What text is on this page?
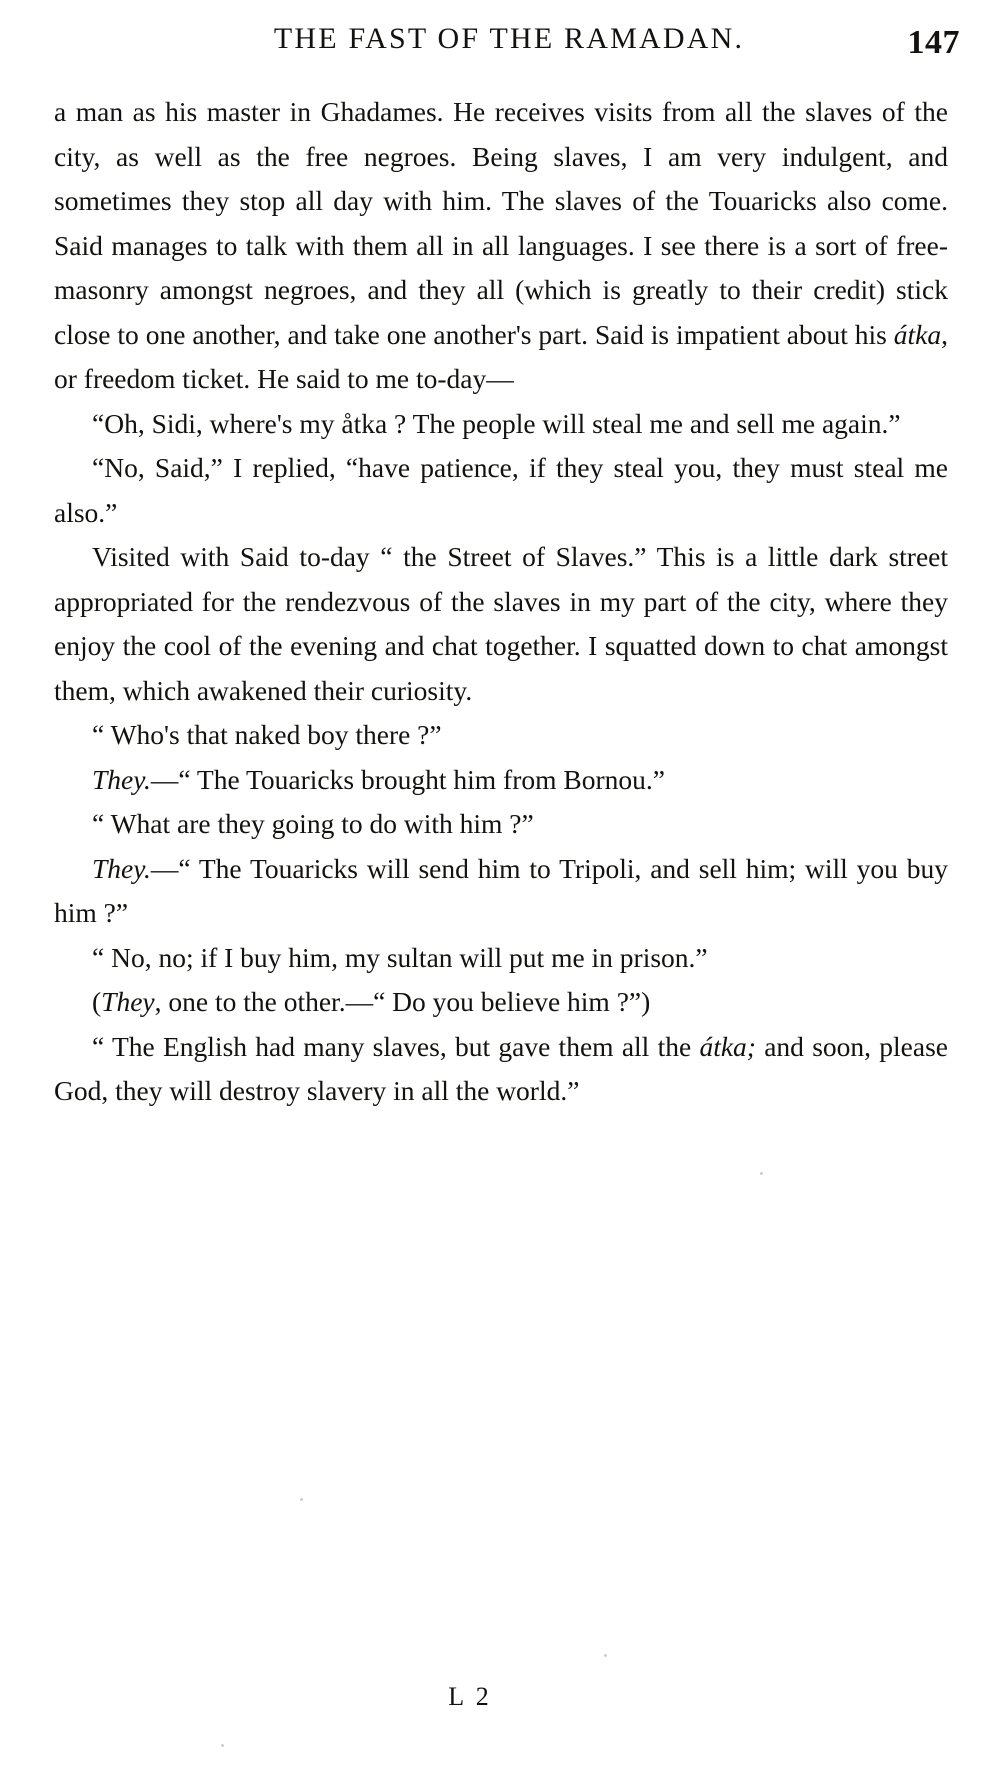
THE FAST OF THE RAMADAN.	147

a man as his master in Ghadames. He receives visits from all the slaves of the city, as well as the free negroes. Being slaves, I am very indulgent, and sometimes they stop all day with him. The slaves of the Touaricks also come. Said manages to talk with them all in all languages. I see there is a sort of free-masonry amongst negroes, and they all (which is greatly to their credit) stick close to one another, and take one another's part. Said is impatient about his átka, or freedom ticket. He said to me to-day—

“Oh, Sidi, where's my åtka ? The people will steal me and sell me again.”

“No, Said,” I replied, “have patience, if they steal you, they must steal me also.”

Visited with Said to-day “ the Street of Slaves.” This is a little dark street appropriated for the rendezvous of the slaves in my part of the city, where they enjoy the cool of the evening and chat together. I squatted down to chat amongst them, which awakened their curiosity.

“ Who's that naked boy there ?”

They.—“ The Touaricks brought him from Bornou.”

“ What are they going to do with him ?”

They.—“ The Touaricks will send him to Tripoli, and sell him; will you buy him ?”

“ No, no; if I buy him, my sultan will put me in prison.”

(They, one to the other.—“ Do you believe him ?”)

“ The English had many slaves, but gave them all the átka; and soon, please God, they will destroy slavery in all the world.”

L 2
